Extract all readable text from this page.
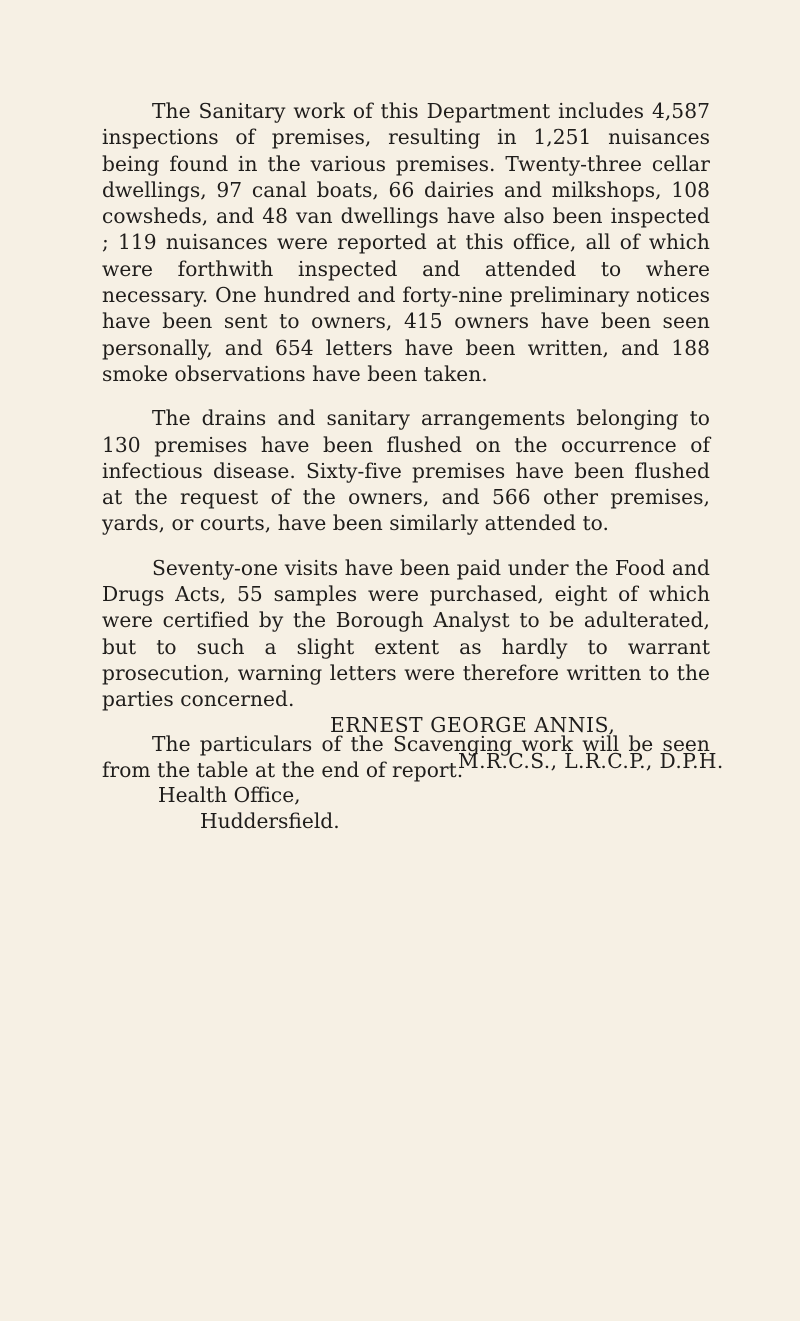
The Sanitary work of this Department includes 4,587 inspections of premises, resulting in 1,251 nuisances being found in the various premises. Twenty-three cellar dwellings, 97 canal boats, 66 dairies and milkshops, 108 cowsheds, and 48 van dwellings have also been inspected ; 119 nuisances were reported at this office, all of which were forthwith inspected and attended to where necessary. One hundred and forty-nine preliminary notices have been sent to owners, 415 owners have been seen personally, and 654 letters have been written, and 188 smoke observations have been taken.

The drains and sanitary arrangements belonging to 130 premises have been flushed on the occurrence of infectious disease. Sixty-five premises have been flushed at the request of the owners, and 566 other premises, yards, or courts, have been similarly attended to.

Seventy-one visits have been paid under the Food and Drugs Acts, 55 samples were purchased, eight of which were certified by the Borough Analyst to be adulterated, but to such a slight extent as hardly to warrant prosecution, warning letters were therefore written to the parties concerned.

The particulars of the Scavenging work will be seen from the table at the end of report.

ERNEST GEORGE ANNIS,
M.R.C.S., L.R.C.P., D.P.H.
Health Office,
Huddersfield.
